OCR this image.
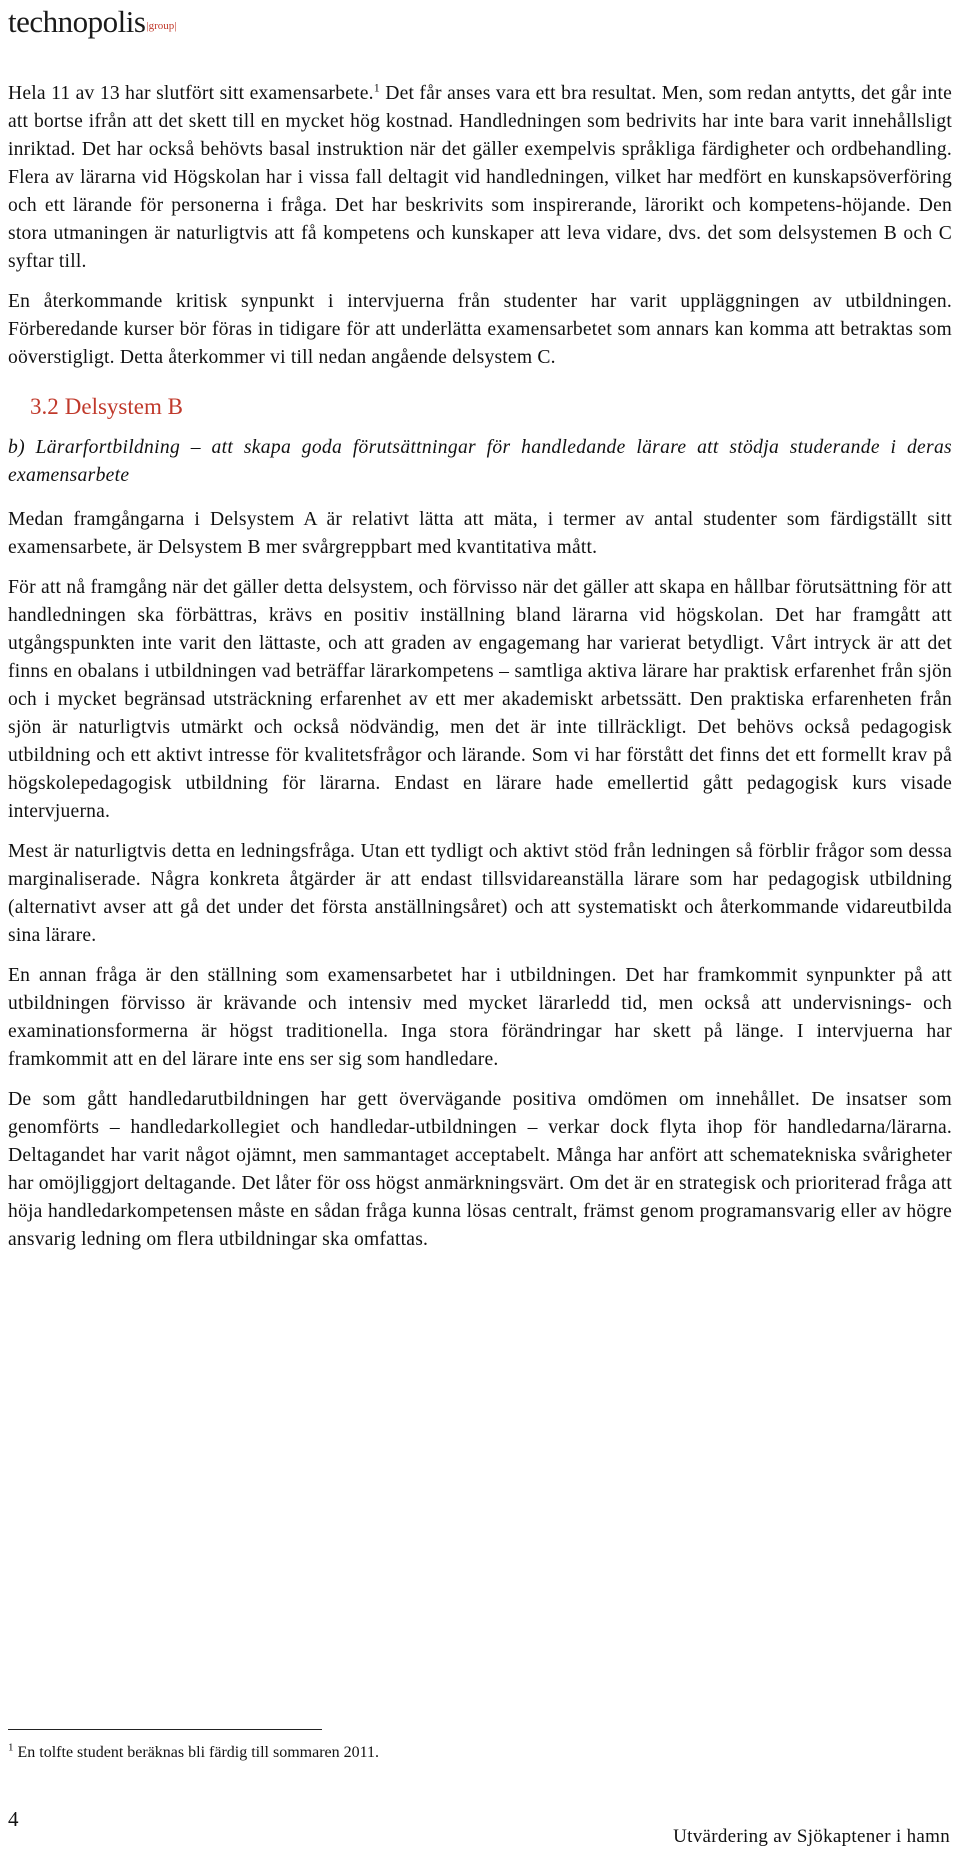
technopolis|group|

Hela 11 av 13 har slutfört sitt examensarbete.$^1$ Det får anses vara ett bra resultat. Men, som redan antytts, det går inte att bortse ifrån att det skett till en mycket hög kostnad. Handledningen som bedrivits har inte bara varit innehållsligt inriktad. Det har också behövts basal instruktion när det gäller exempelvis språkliga färdigheter och ordbehandling. Flera av lärarna vid Högskolan har i vissa fall deltagit vid handledningen, vilket har medfört en kunskapsöverföring och ett lärande för personerna i fråga. Det har beskrivits som inspirerande, lärorikt och kompetens-höjande. Den stora utmaningen är naturligtvis att få kompetens och kunskaper att leva vidare, dvs. det som delsystemen B och C syftar till.

En återkommande kritisk synpunkt i intervjuerna från studenter har varit uppläggningen av utbildningen. Förberedande kurser bör föras in tidigare för att underlätta examensarbetet som annars kan komma att betraktas som oöverstigligt. Detta återkommer vi till nedan angående delsystem C.

3.2 Delsystem B

b) Lärarfortbildning – att skapa goda förutsättningar för handledande lärare att stödja studerande i deras examensarbete

Medan framgångarna i Delsystem A är relativt lätta att mäta, i termer av antal studenter som färdigställt sitt examensarbete, är Delsystem B mer svårgreppbart med kvantitativa mått.

För att nå framgång när det gäller detta delsystem, och förvisso när det gäller att skapa en hållbar förutsättning för att handledningen ska förbättras, krävs en positiv inställning bland lärarna vid högskolan. Det har framgått att utgångspunkten inte varit den lättaste, och att graden av engagemang har varierat betydligt. Vårt intryck är att det finns en obalans i utbildningen vad beträffar lärarkompetens – samtliga aktiva lärare har praktisk erfarenhet från sjön och i mycket begränsad utsträckning erfarenhet av ett mer akademiskt arbetssätt. Den praktiska erfarenheten från sjön är naturligtvis utmärkt och också nödvändig, men det är inte tillräckligt. Det behövs också pedagogisk utbildning och ett aktivt intresse för kvalitetsfrågor och lärande. Som vi har förstått det finns det ett formellt krav på högskolepedagogisk utbildning för lärarna. Endast en lärare hade emellertid gått pedagogisk kurs visade intervjuerna.

Mest är naturligtvis detta en ledningsfråga. Utan ett tydligt och aktivt stöd från ledningen så förblir frågor som dessa marginaliserade. Några konkreta åtgärder är att endast tillsvidareanställa lärare som har pedagogisk utbildning (alternativt avser att gå det under det första anställningsåret) och att systematiskt och återkommande vidareutbilda sina lärare.

En annan fråga är den ställning som examensarbetet har i utbildningen. Det har framkommit synpunkter på att utbildningen förvisso är krävande och intensiv med mycket lärarledd tid, men också att undervisnings- och examinationsformerna är högst traditionella. Inga stora förändringar har skett på länge. I intervjuerna har framkommit att en del lärare inte ens ser sig som handledare.

De som gått handledarutbildningen har gett övervägande positiva omdömen om innehållet. De insatser som genomförts – handledarkollegiet och handledar-utbildningen – verkar dock flyta ihop för handledarna/lärarna. Deltagandet har varit något ojämnt, men sammantaget acceptabelt. Många har anfört att schematekniska svårigheter har omöjliggjort deltagande. Det låter för oss högst anmärkningsvärt. Om det är en strategisk och prioriterad fråga att höja handledarkompetensen måste en sådan fråga kunna lösas centralt, främst genom programansvarig eller av högre ansvarig ledning om flera utbildningar ska omfattas.

$^1$ En tolfte student beräknas bli färdig till sommaren 2011.
4
Utvärdering av Sjökaptener i hamn
